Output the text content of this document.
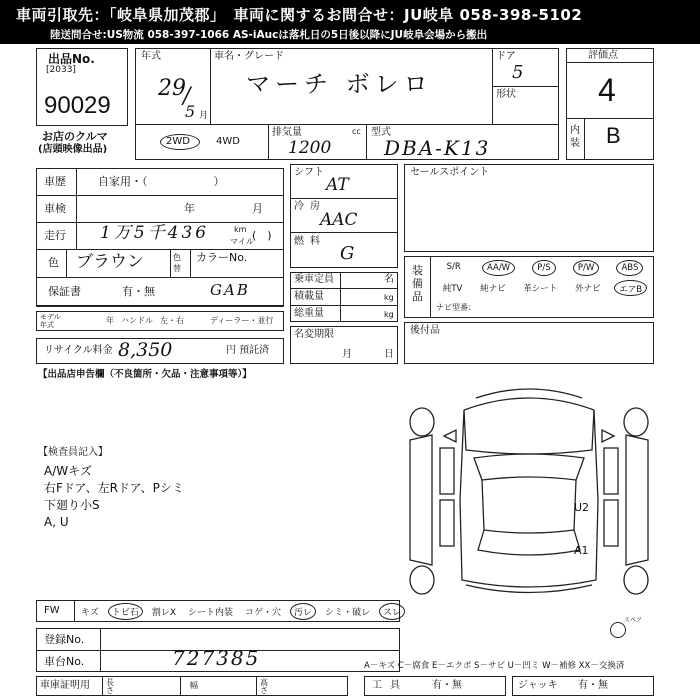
車両引取先：「岐阜県加茂郡」　車両に関するお問合せ：JU岐阜 058-398-5102
陸送問合せ:US物流 058-397-1066 AS-iAucは落札日の5日後以降にJU岐阜会場から搬出
出品No.
[2033]
90029
お店のクルマ
(店頭映像出品)
年式
29
/
5 月
車名・グレード
マーチ ボレロ
ドア
5
形状
2WD	4WD
排気量	cc
1200
型式
DBA-K13
評価点
4
内装 B
車歴	自家用・（　　　　　　）
車検	年	月
走行 1万5千436	km
マイル
(　)
色 ブラウン	色替
カラーNo.
保証書	有・無	GAB
モデル年式	年 ハンドル 左・右	ディーラー・並行
シフト
AT
冷房
AAC
燃料
G
乗車定員	名
積載量	kg
総重量	kg
名変期限
月	日
リサイクル料金 8,350	円 預託済
セールスポイント
装備品
S/R	AA/W	P/S	P/W	ABS
純TV	純ナビ	革シート	外ナビ	エアB
ナビ型番：
後付品
【出品店申告欄（不良箇所・欠品・注意事項等）】
【検査員記入】
A/Wキズ
右Fドア、左Rドア、Pシミ
下廻り小S
A, U
U2
A1
スペア
FW	キズ	トビ石	割レX	シート内装	コゲ・穴	汚レ	シミ・破レ	スレ
登録No.
車台No.	727385
車庫証明用 長さ
幅	高さ
A－キズ C－腐食 E－エクボ S－サビ U－凹ミ W－補修 XX－交換済
工具 有・無	ジャッキ 有・無
